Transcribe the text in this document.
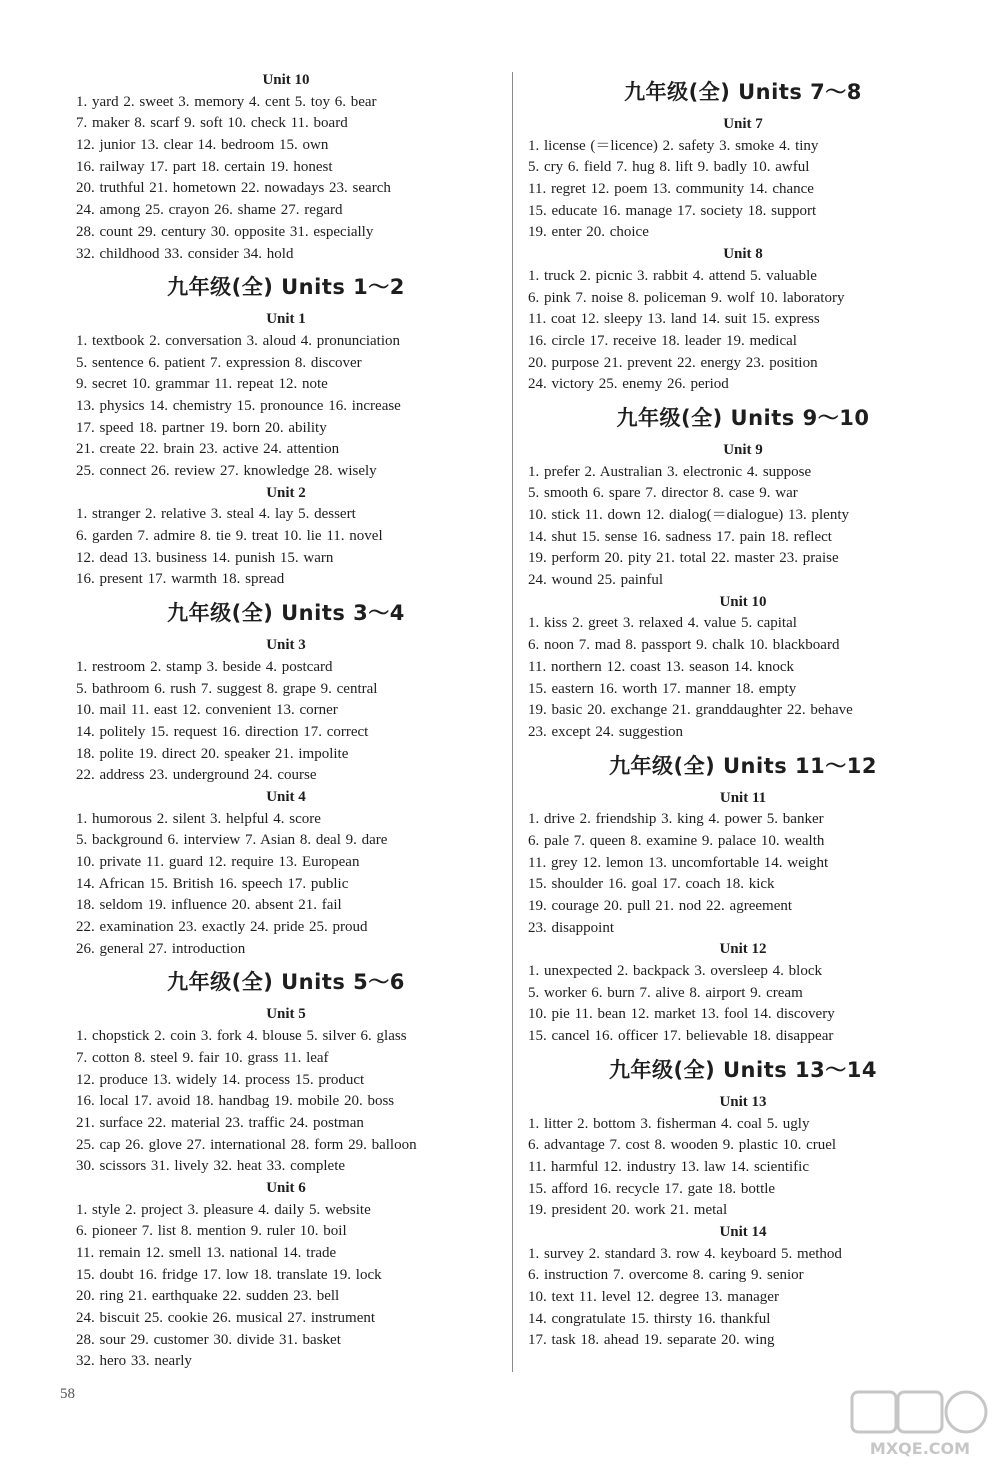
Unit 10
1. yard 2. sweet 3. memory 4. cent 5. toy 6. bear
7. maker 8. scarf 9. soft 10. check 11. board
12. junior 13. clear 14. bedroom 15. own
16. railway 17. part 18. certain 19. honest
20. truthful 21. hometown 22. nowadays 23. search
24. among 25. crayon 26. shame 27. regard
28. count 29. century 30. opposite 31. especially
32. childhood 33. consider 34. hold
九年级(全) Units 1～2
Unit 1
1. textbook 2. conversation 3. aloud 4. pronunciation
5. sentence 6. patient 7. expression 8. discover
9. secret 10. grammar 11. repeat 12. note
13. physics 14. chemistry 15. pronounce 16. increase
17. speed 18. partner 19. born 20. ability
21. create 22. brain 23. active 24. attention
25. connect 26. review 27. knowledge 28. wisely
Unit 2
1. stranger 2. relative 3. steal 4. lay 5. dessert
6. garden 7. admire 8. tie 9. treat 10. lie 11. novel
12. dead 13. business 14. punish 15. warn
16. present 17. warmth 18. spread
九年级(全) Units 3～4
Unit 3
1. restroom 2. stamp 3. beside 4. postcard
5. bathroom 6. rush 7. suggest 8. grape 9. central
10. mail 11. east 12. convenient 13. corner
14. politely 15. request 16. direction 17. correct
18. polite 19. direct 20. speaker 21. impolite
22. address 23. underground 24. course
Unit 4
1. humorous 2. silent 3. helpful 4. score
5. background 6. interview 7. Asian 8. deal 9. dare
10. private 11. guard 12. require 13. European
14. African 15. British 16. speech 17. public
18. seldom 19. influence 20. absent 21. fail
22. examination 23. exactly 24. pride 25. proud
26. general 27. introduction
九年级(全) Units 5～6
Unit 5
1. chopstick 2. coin 3. fork 4. blouse 5. silver 6. glass
7. cotton 8. steel 9. fair 10. grass 11. leaf
12. produce 13. widely 14. process 15. product
16. local 17. avoid 18. handbag 19. mobile 20. boss
21. surface 22. material 23. traffic 24. postman
25. cap 26. glove 27. international 28. form 29. balloon
30. scissors 31. lively 32. heat 33. complete
Unit 6
1. style 2. project 3. pleasure 4. daily 5. website
6. pioneer 7. list 8. mention 9. ruler 10. boil
11. remain 12. smell 13. national 14. trade
15. doubt 16. fridge 17. low 18. translate 19. lock
20. ring 21. earthquake 22. sudden 23. bell
24. biscuit 25. cookie 26. musical 27. instrument
28. sour 29. customer 30. divide 31. basket
32. hero 33. nearly
九年级(全) Units 7～8
Unit 7
1. license (＝licence) 2. safety 3. smoke 4. tiny
5. cry 6. field 7. hug 8. lift 9. badly 10. awful
11. regret 12. poem 13. community 14. chance
15. educate 16. manage 17. society 18. support
19. enter 20. choice
Unit 8
1. truck 2. picnic 3. rabbit 4. attend 5. valuable
6. pink 7. noise 8. policeman 9. wolf 10. laboratory
11. coat 12. sleepy 13. land 14. suit 15. express
16. circle 17. receive 18. leader 19. medical
20. purpose 21. prevent 22. energy 23. position
24. victory 25. enemy 26. period
九年级(全) Units 9～10
Unit 9
1. prefer 2. Australian 3. electronic 4. suppose
5. smooth 6. spare 7. director 8. case 9. war
10. stick 11. down 12. dialog(＝dialogue) 13. plenty
14. shut 15. sense 16. sadness 17. pain 18. reflect
19. perform 20. pity 21. total 22. master 23. praise
24. wound 25. painful
Unit 10
1. kiss 2. greet 3. relaxed 4. value 5. capital
6. noon 7. mad 8. passport 9. chalk 10. blackboard
11. northern 12. coast 13. season 14. knock
15. eastern 16. worth 17. manner 18. empty
19. basic 20. exchange 21. granddaughter 22. behave
23. except 24. suggestion
九年级(全) Units 11～12
Unit 11
1. drive 2. friendship 3. king 4. power 5. banker
6. pale 7. queen 8. examine 9. palace 10. wealth
11. grey 12. lemon 13. uncomfortable 14. weight
15. shoulder 16. goal 17. coach 18. kick
19. courage 20. pull 21. nod 22. agreement
23. disappoint
Unit 12
1. unexpected 2. backpack 3. oversleep 4. block
5. worker 6. burn 7. alive 8. airport 9. cream
10. pie 11. bean 12. market 13. fool 14. discovery
15. cancel 16. officer 17. believable 18. disappear
九年级(全) Units 13～14
Unit 13
1. litter 2. bottom 3. fisherman 4. coal 5. ugly
6. advantage 7. cost 8. wooden 9. plastic 10. cruel
11. harmful 12. industry 13. law 14. scientific
15. afford 16. recycle 17. gate 18. bottle
19. president 20. work 21. metal
Unit 14
1. survey 2. standard 3. row 4. keyboard 5. method
6. instruction 7. overcome 8. caring 9. senior
10. text 11. level 12. degree 13. manager
14. congratulate 15. thirsty 16. thankful
17. task 18. ahead 19. separate 20. wing
58
MXQE.COM
